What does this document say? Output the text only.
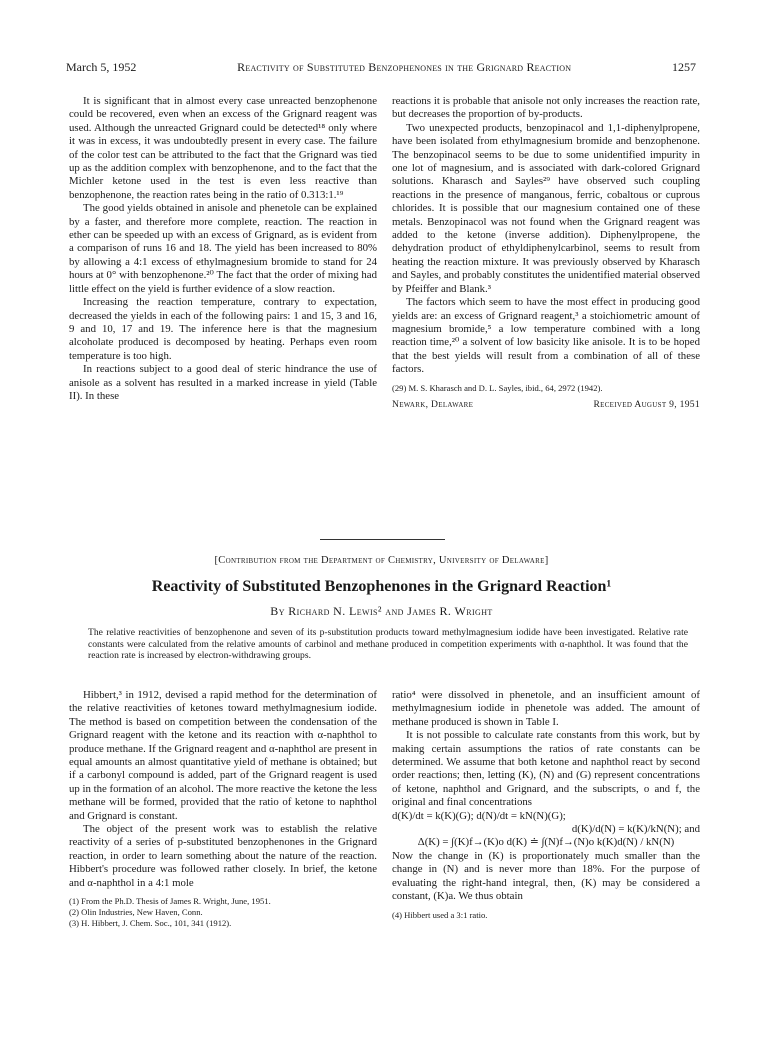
March 5, 1952	Reactivity of Substituted Benzophenones in the Grignard Reaction	1257

It is significant that in almost every case unreacted benzophenone could be recovered, even when an excess of the Grignard reagent was used. Although the unreacted Grignard could be detected¹⁸ only where it was in excess, it was undoubtedly present in every case. The failure of the color test can be attributed to the fact that the Grignard was tied up as the addition complex with benzophenone, and to the fact that the Michler ketone used in the test is even less reactive than benzophenone, the reaction rates being in the ratio of 0.313:1.¹⁹

The good yields obtained in anisole and phenetole can be explained by a faster, and therefore more complete, reaction. The reaction in ether can be speeded up with an excess of Grignard, as is evident from a comparison of runs 16 and 18. The yield has been increased to 80% by allowing a 4:1 excess of ethylmagnesium bromide to stand for 24 hours at 0° with benzophenone.²⁰ The fact that the order of mixing had little effect on the yield is further evidence of a slow reaction.

Increasing the reaction temperature, contrary to expectation, decreased the yields in each of the following pairs: 1 and 15, 3 and 16, 9 and 10, 17 and 19. The inference here is that the magnesium alcoholate produced is decomposed by heating. Perhaps even room temperature is too high.

In reactions subject to a good deal of steric hindrance the use of anisole as a solvent has resulted in a marked increase in yield (Table II). In these

reactions it is probable that anisole not only increases the reaction rate, but decreases the proportion of by-products.

Two unexpected products, benzopinacol and 1,1-diphenylpropene, have been isolated from ethylmagnesium bromide and benzophenone. The benzopinacol seems to be due to some unidentified impurity in one lot of magnesium, and is associated with dark-colored Grignard solutions. Kharasch and Sayles²⁹ have observed such coupling reactions in the presence of manganous, ferric, cobaltous or cuprous chlorides. It is possible that our magnesium contained one of these metals. Benzopinacol was not found when the Grignard reagent was added to the ketone (inverse addition). Diphenylpropene, the dehydration product of ethyldiphenylcarbinol, seems to result from heating the reaction mixture. It was previously observed by Kharasch and Sayles, and probably constitutes the unidentified material observed by Pfeiffer and Blank.³

The factors which seem to have the most effect in producing good yields are: an excess of Grignard reagent,³ a stoichiometric amount of magnesium bromide,⁵ a low temperature combined with a long reaction time,²⁰ a solvent of low basicity like anisole. It is to be hoped that the best yields will result from a combination of all of these factors.

(29) M. S. Kharasch and D. L. Sayles, ibid., 64, 2972 (1942).

Newark, Delaware	Received August 9, 1951
[Contribution from the Department of Chemistry, University of Delaware]
Reactivity of Substituted Benzophenones in the Grignard Reaction¹
By Richard N. Lewis² and James R. Wright
The relative reactivities of benzophenone and seven of its p-substitution products toward methylmagnesium iodide have been investigated. Relative rate constants were calculated from the relative amounts of carbinol and methane produced in competition experiments with α-naphthol. It was found that the reaction rate is increased by electron-withdrawing groups.

Hibbert,³ in 1912, devised a rapid method for the determination of the relative reactivities of ketones toward methylmagnesium iodide. The method is based on competition between the condensation of the Grignard reagent with the ketone and its reaction with α-naphthol to produce methane. If the Grignard reagent and α-naphthol are present in equal amounts an almost quantitative yield of methane is obtained; but if a carbonyl compound is added, part of the Grignard reagent is used up in the formation of an alcohol. The more reactive the ketone the less methane will be formed, provided that the ratio of ketone to naphthol and Grignard is constant.

The object of the present work was to establish the relative reactivity of a series of p-substituted benzophenones in the Grignard reaction, in order to learn something about the nature of the reaction. Hibbert's procedure was followed rather closely. In brief, the ketone and α-naphthol in a 4:1 mole

(1) From the Ph.D. Thesis of James R. Wright, June, 1951.

(2) Olin Industries, New Haven, Conn.

(3) H. Hibbert, J. Chem. Soc., 101, 341 (1912).

ratio⁴ were dissolved in phenetole, and an insufficient amount of methylmagnesium iodide in phenetole was added. The amount of methane produced is shown in Table I.

It is not possible to calculate rate constants from this work, but by making certain assumptions the ratios of rate constants can be determined. We assume that both ketone and naphthol react by second order reactions; then, letting (K), (N) and (G) represent concentrations of ketone, naphthol and Grignard, and the subscripts, o and f, the original and final concentrations

d(K)/dt = k(K)(G); d(N)/dt = kN(N)(G);

d(K)/d(N) = k(K)/kN(N); and

Δ(K) = ∫(K)f→(K)o d(K) ≐ ∫(N)f→(N)o k(K)d(N) / kN(N)

Now the change in (K) is proportionately much smaller than the change in (N) and is never more than 18%. For the purpose of evaluating the right-hand integral, then, (K) may be considered a constant, (K)a. We thus obtain

(4) Hibbert used a 3:1 ratio.
